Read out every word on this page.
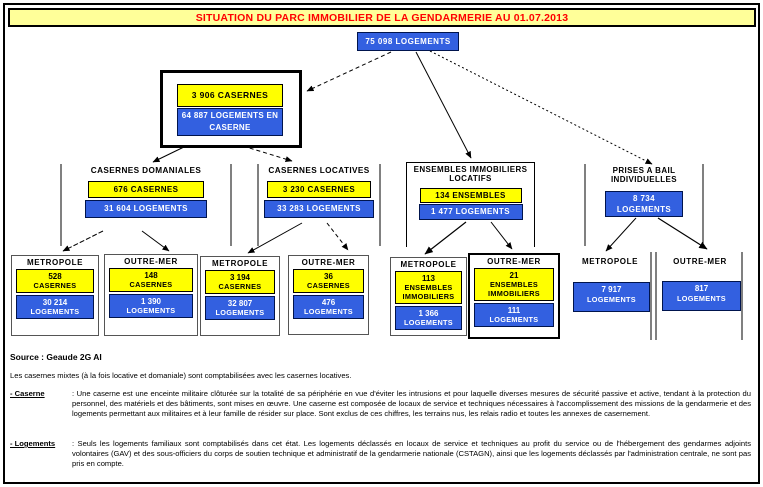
SITUATION DU PARC IMMOBILIER DE LA GENDARMERIE AU 01.07.2013
75 098 LOGEMENTS
3 906 CASERNES
64 887 LOGEMENTS EN CASERNE
CASERNES DOMANIALES
676 CASERNES
31 604 LOGEMENTS
CASERNES LOCATIVES
3 230 CASERNES
33 283 LOGEMENTS
ENSEMBLES IMMOBILIERS LOCATIFS
134 ENSEMBLES
1 477 LOGEMENTS
PRISES A BAIL INDIVIDUELLES
8 734 LOGEMENTS
METROPOLE
528
CASERNES
30 214
LOGEMENTS
OUTRE-MER
148
CASERNES
1 390
LOGEMENTS
METROPOLE
3 194
CASERNES
32 807
LOGEMENTS
OUTRE-MER
36
CASERNES
476
LOGEMENTS
METROPOLE
113
ENSEMBLES IMMOBILIERS
1 366
LOGEMENTS
OUTRE-MER
21
ENSEMBLES IMMOBILIERS
111
LOGEMENTS
METROPOLE
7 917
LOGEMENTS
OUTRE-MER
817
LOGEMENTS
Source : Geaude 2G AI
Les casernes mixtes (à la fois locative et domaniale) sont comptabilisées avec les casernes locatives.
- Caserne	: Une caserne est une enceinte militaire clôturée sur la totalité de sa périphérie en vue d'éviter les intrusions et pour laquelle diverses mesures de sécurité passive et active, tendant à la protection du personnel, des matériels et des bâtiments, sont mises en œuvre. Une caserne est composée de locaux de service et techniques nécessaires à l'accomplissement des missions de la gendarmerie et des logements permettant aux militaires et à leur famille de résider sur place. Sont exclus de ces chiffres, les terrains nus, les relais radio et toutes les annexes de casernement.
- Logements	: Seuls les logements familiaux sont comptabilisés dans cet état. Les logements déclassés en locaux de service et techniques au profit du service ou de l'hébergement des gendarmes adjoints volontaires (GAV) et des sous-officiers du corps de soutien technique et administratif de la gendarmerie nationale (CSTAGN), ainsi que les logements déclassés par l'administration centrale, ne sont pas pris en compte.
